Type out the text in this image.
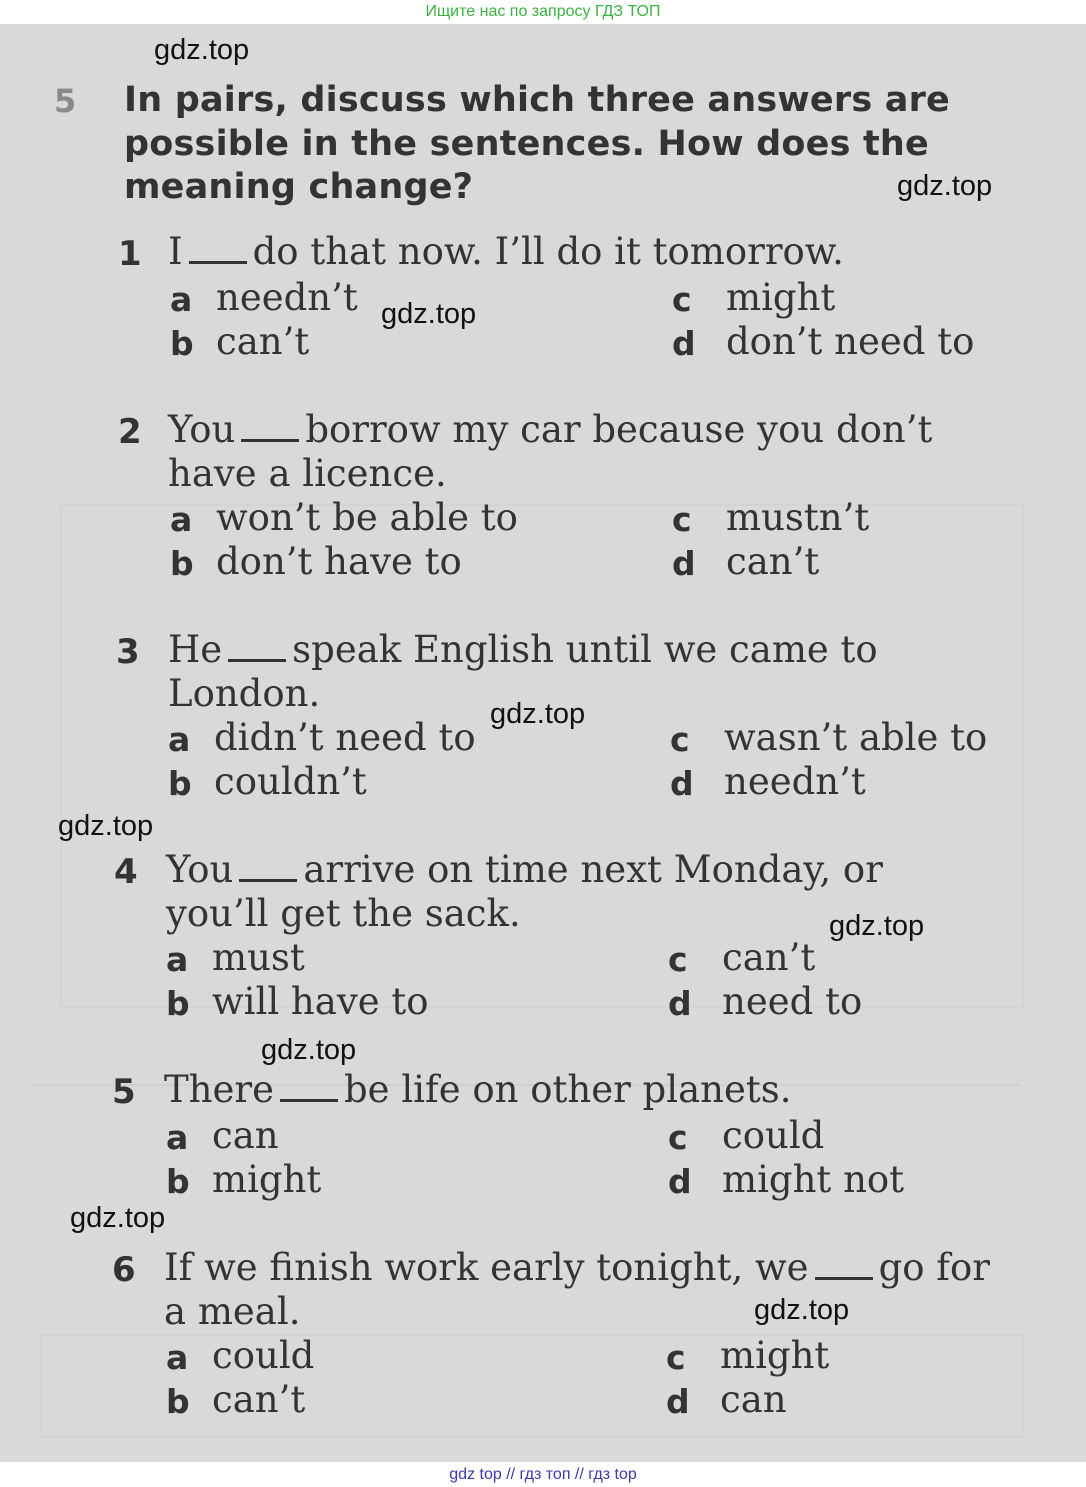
Ищите нас по запросу ГДЗ ТОП
5 In pairs, discuss which three answers are
possible in the sentences. How does the
meaning change?
1 I do that now. I’ll do it tomorrow.
a needn’t
b can’t
c might
d don’t need to
2 You borrow my car because you don’t
have a licence.
a won’t be able to
b don’t have to
c mustn’t
d can’t
3 He speak English until we came to
London.
a didn’t need to
b couldn’t
c wasn’t able to
d needn’t
4 You arrive on time next Monday, or
you’ll get the sack.
a must
b will have to
c can’t
d need to
5 There be life on other planets.
a can
b might
c could
d might not
6 If we finish work early tonight, we go for
a meal.
a could
b can’t
c might
d can
gdz.top
gdz.top
gdz.top
gdz.top
gdz.top
gdz.top
gdz.top
gdz.top
gdz.top
gdz top // гдз топ // гдз top
